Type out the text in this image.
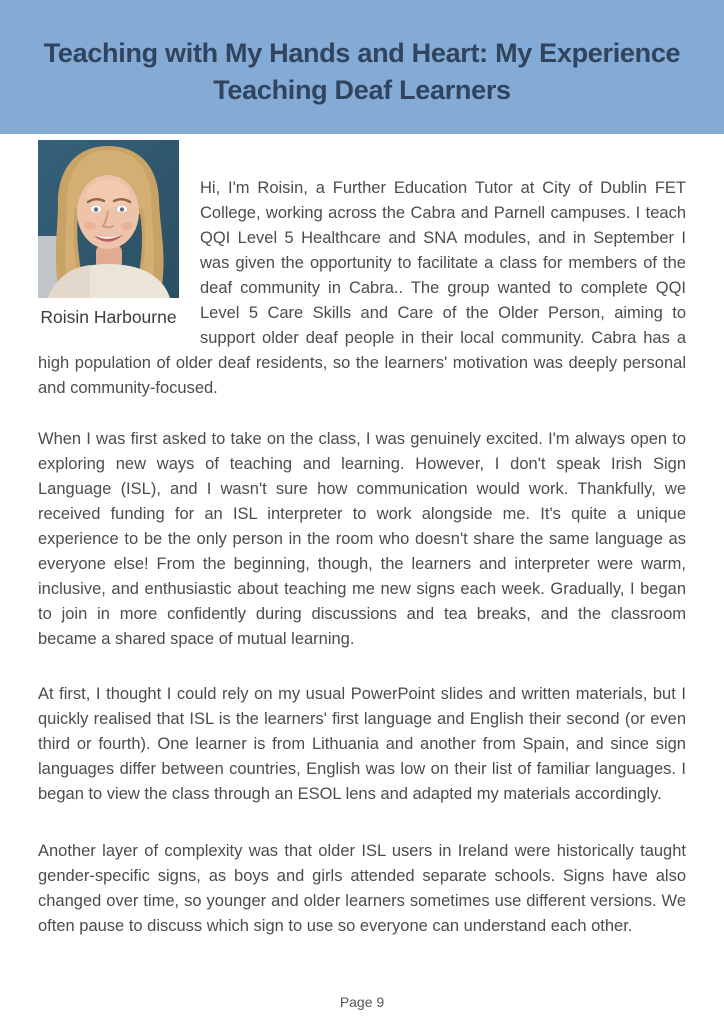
Teaching with My Hands and Heart: My Experience
Teaching Deaf Learners
Roisin Harbourne

Hi, I'm Roisin, a Further Education Tutor at City of Dublin FET College, working across the Cabra and Parnell campuses. I teach QQI Level 5 Healthcare and SNA modules, and in September I was given the opportunity to facilitate a class for members of the deaf community in Cabra.. The group wanted to complete QQI Level 5 Care Skills and Care of the Older Person, aiming to support older deaf people in their local community. Cabra has a high population of older deaf residents, so the learners' motivation was deeply personal and community-focused.

When I was first asked to take on the class, I was genuinely excited. I'm always open to exploring new ways of teaching and learning. However, I don't speak Irish Sign Language (ISL), and I wasn't sure how communication would work. Thankfully, we received funding for an ISL interpreter to work alongside me. It's quite a unique experience to be the only person in the room who doesn't share the same language as everyone else! From the beginning, though, the learners and interpreter were warm, inclusive, and enthusiastic about teaching me new signs each week. Gradually, I began to join in more confidently during discussions and tea breaks, and the classroom became a shared space of mutual learning.

At first, I thought I could rely on my usual PowerPoint slides and written materials, but I quickly realised that ISL is the learners' first language and English their second (or even third or fourth). One learner is from Lithuania and another from Spain, and since sign languages differ between countries, English was low on their list of familiar languages. I began to view the class through an ESOL lens and adapted my materials accordingly.

Another layer of complexity was that older ISL users in Ireland were historically taught gender-specific signs, as boys and girls attended separate schools. Signs have also changed over time, so younger and older learners sometimes use different versions. We often pause to discuss which sign to use so everyone can understand each other.

Page 9
